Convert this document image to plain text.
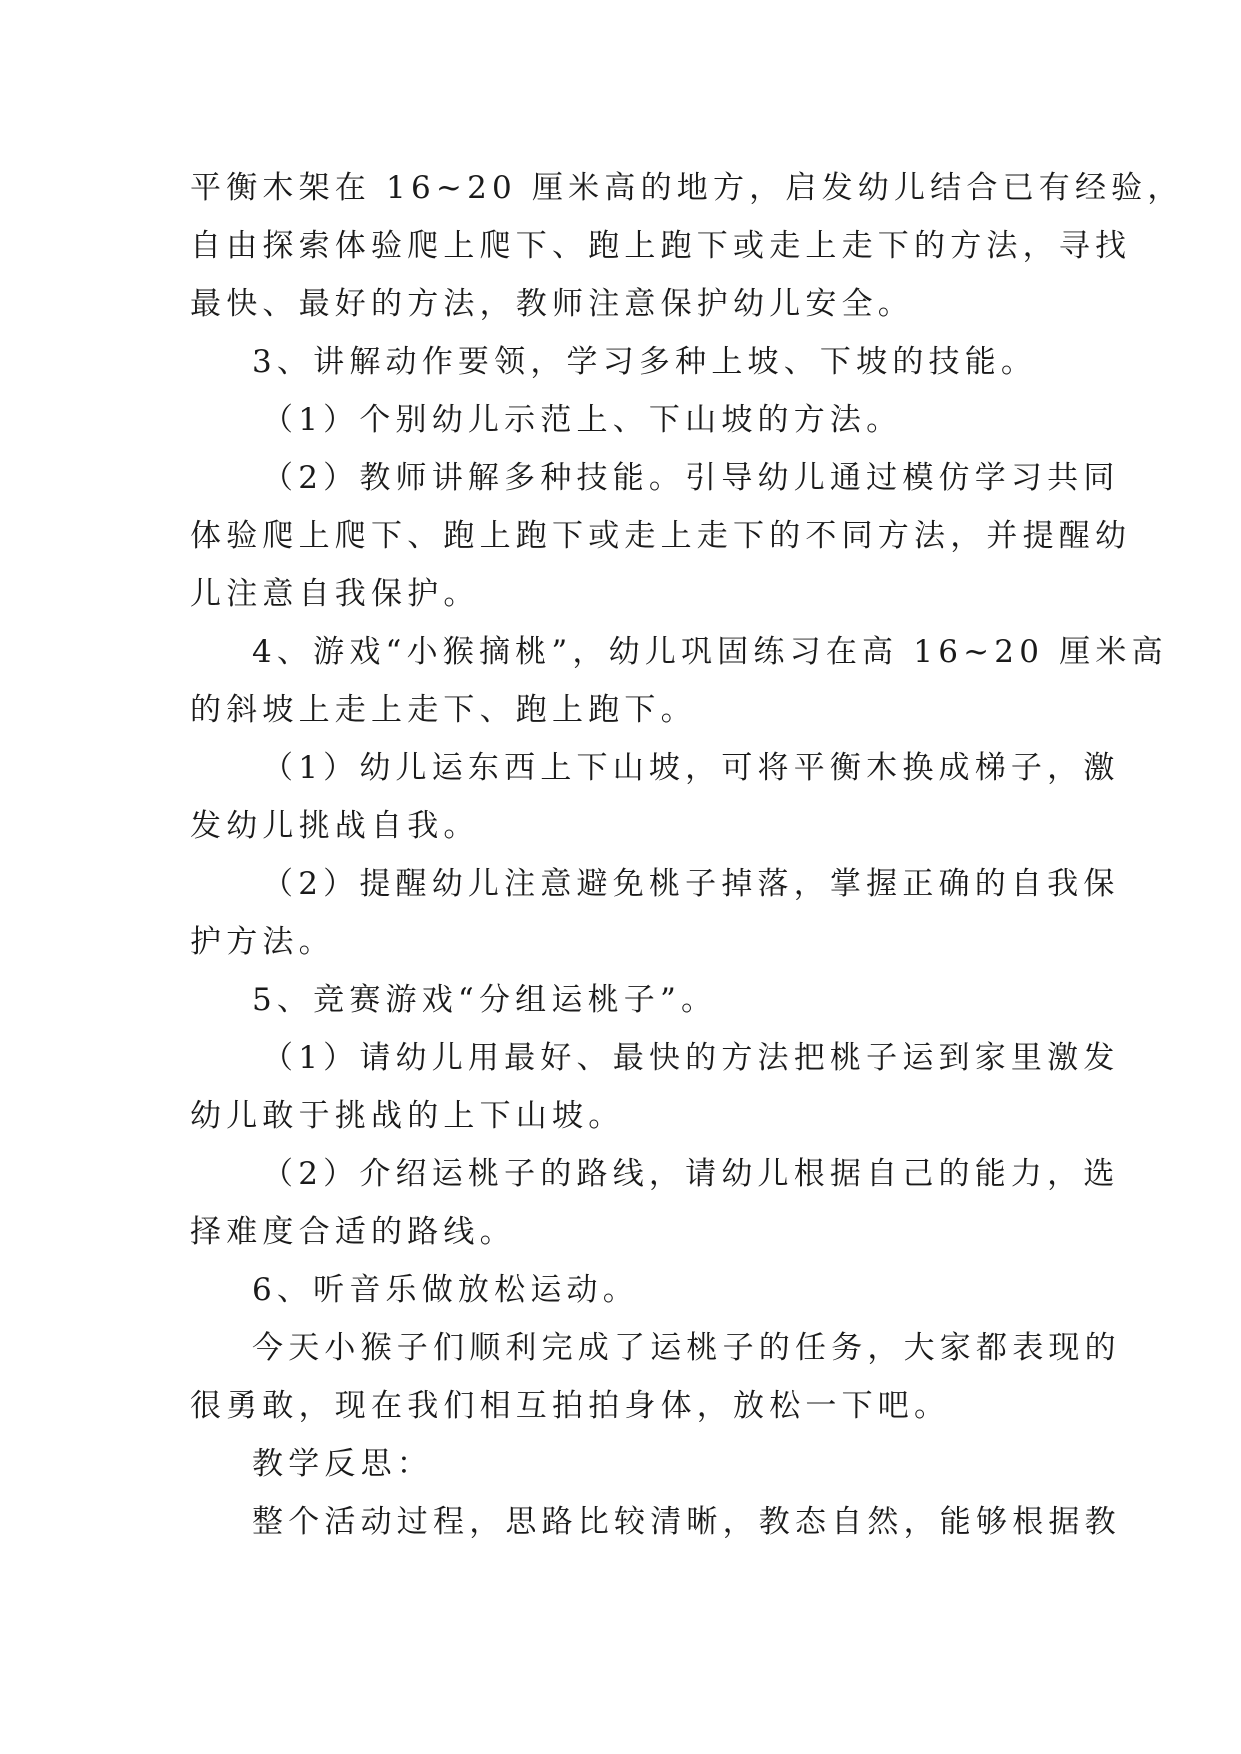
平衡木架在 16~20 厘米高的地方，启发幼儿结合已有经验，
自由探索体验爬上爬下、跑上跑下或走上走下的方法，寻找
最快、最好的方法，教师注意保护幼儿安全。
3、讲解动作要领，学习多种上坡、下坡的技能。
（1）个别幼儿示范上、下山坡的方法。
（2）教师讲解多种技能。引导幼儿通过模仿学习共同
体验爬上爬下、跑上跑下或走上走下的不同方法，并提醒幼
儿注意自我保护。
4、游戏“小猴摘桃”，幼儿巩固练习在高 16~20 厘米高
的斜坡上走上走下、跑上跑下。
（1）幼儿运东西上下山坡，可将平衡木换成梯子，激
发幼儿挑战自我。
（2）提醒幼儿注意避免桃子掉落，掌握正确的自我保
护方法。
5、竞赛游戏“分组运桃子”。
（1）请幼儿用最好、最快的方法把桃子运到家里激发
幼儿敢于挑战的上下山坡。
（2）介绍运桃子的路线，请幼儿根据自己的能力，选
择难度合适的路线。
6、听音乐做放松运动。
今天小猴子们顺利完成了运桃子的任务，大家都表现的
很勇敢，现在我们相互拍拍身体，放松一下吧。
教学反思：
整个活动过程，思路比较清晰，教态自然，能够根据教
